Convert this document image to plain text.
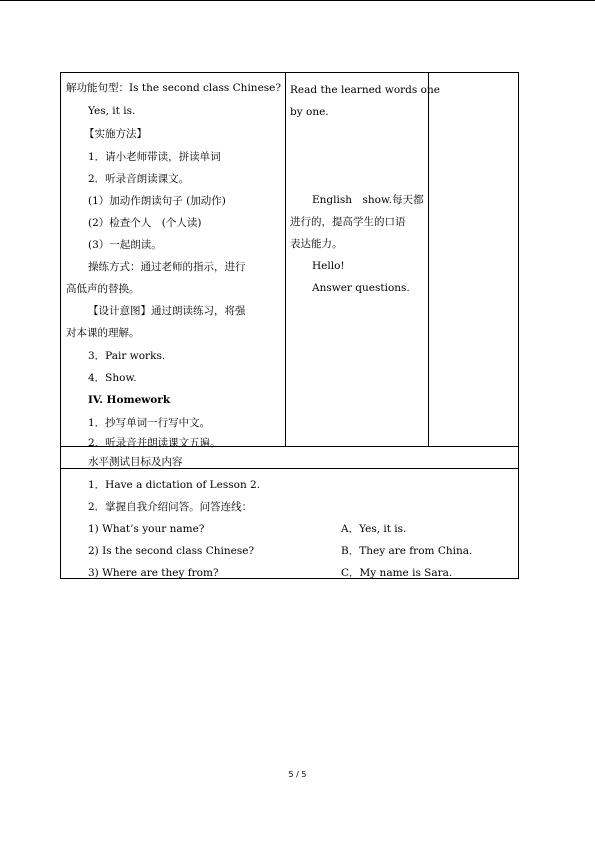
解功能句型：Is the second class Chinese?
Yes, it is.
【实施方法】
1．请小老师带读，拼读单词
2．听录音朗读课文。
(1）加动作朗读句子 (加动作)
(2）检查个人　(个人读)
(3）一起朗读。
操练方式：通过老师的指示，进行
高低声的替换。
【设计意图】通过朗读练习，将强
对本课的理解。
3．Pair works.
4．Show.
IV. Homework
1．抄写单词一行写中文。
2．听录音并朗读课文五遍。
Read the learned words one
by one.
English　show.每天都
进行的，提高学生的口语
表达能力。
Hello!
Answer questions.
水平测试目标及内容
1．Have a dictation of Lesson 2.
2．掌握自我介绍问答。问答连线：
1) What’s your name?
2) Is the second class Chinese?
3) Where are they from?
A．Yes, it is.
B．They are from China.
C．My name is Sara.
5 / 5
